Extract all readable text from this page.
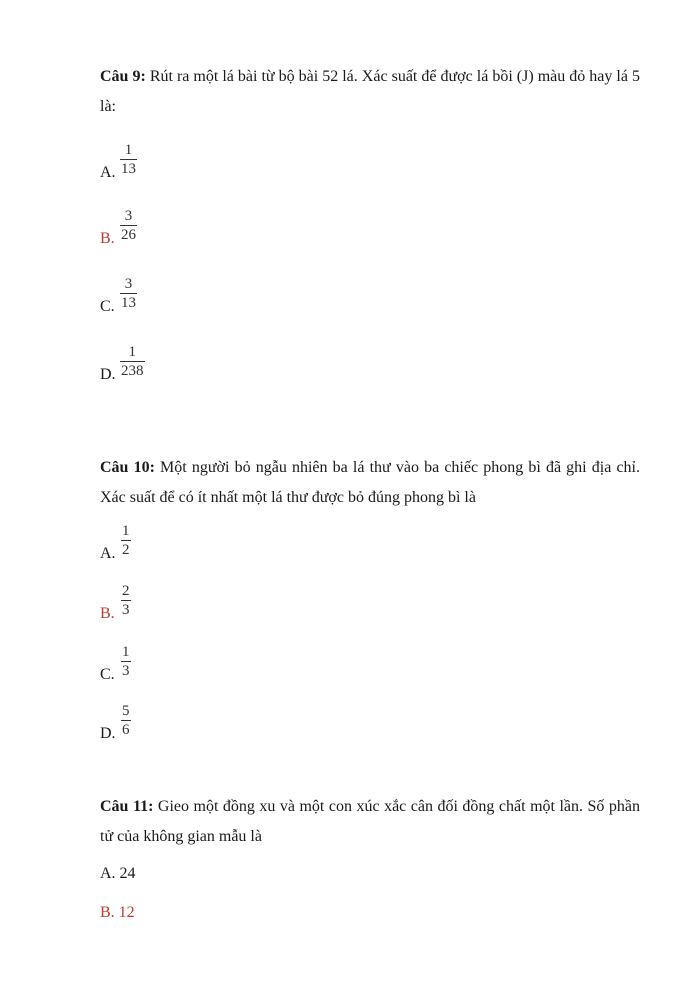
Câu 9: Rút ra một lá bài từ bộ bài 52 lá. Xác suất để được lá bồi (J) màu đỏ hay lá 5 là:
A.
1
13
B.
3
26
C.
3
13
D.
1
238
Câu 10: Một người bỏ ngẫu nhiên ba lá thư vào ba chiếc phong bì đã ghi địa chỉ. Xác suất để có ít nhất một lá thư được bỏ đúng phong bì là
A.
1
2
B.
2
3
C.
1
3
D.
5
6
Câu 11: Gieo một đồng xu và một con xúc xắc cân đối đồng chất một lần. Số phần tử của không gian mẫu là
A. 24
B. 12
